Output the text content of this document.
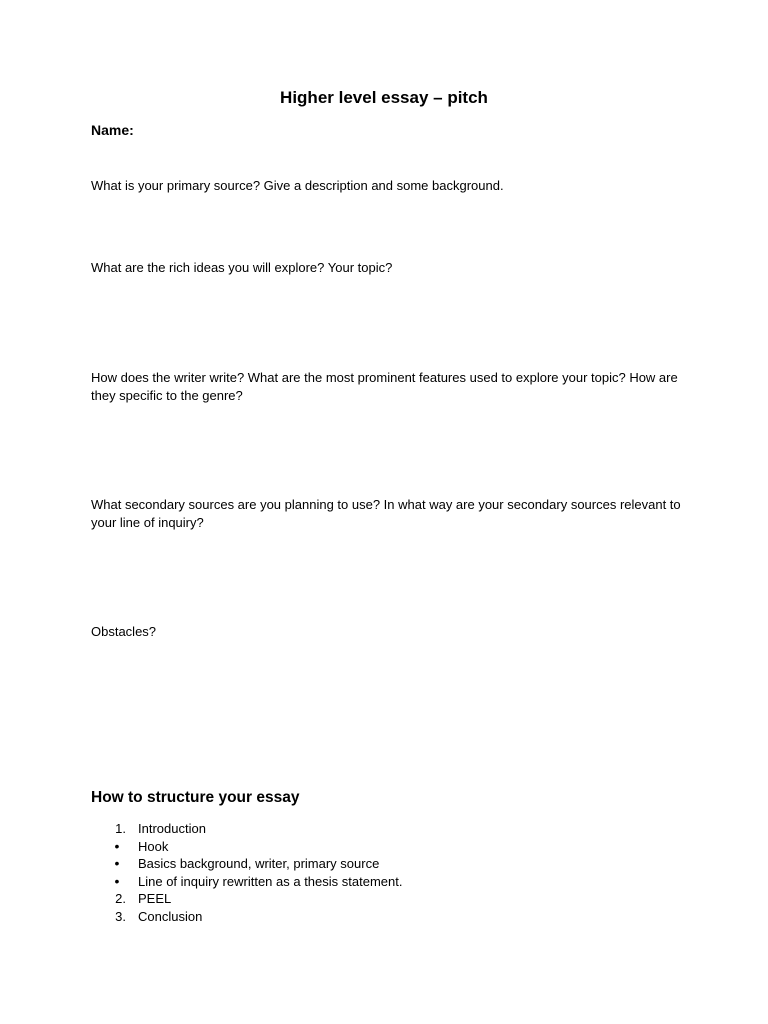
Higher level essay – pitch
Name:
What is your primary source? Give a description and some background.
What are the rich ideas you will explore? Your topic?
How does the writer write? What are the most prominent features used to explore your topic? How are they specific to the genre?
What secondary sources are you planning to use? In what way are your secondary sources relevant to your line of inquiry?
Obstacles?
How to structure your essay
1. Introduction
• Hook
• Basics background, writer, primary source
• Line of inquiry rewritten as a thesis statement.
2. PEEL
3. Conclusion
